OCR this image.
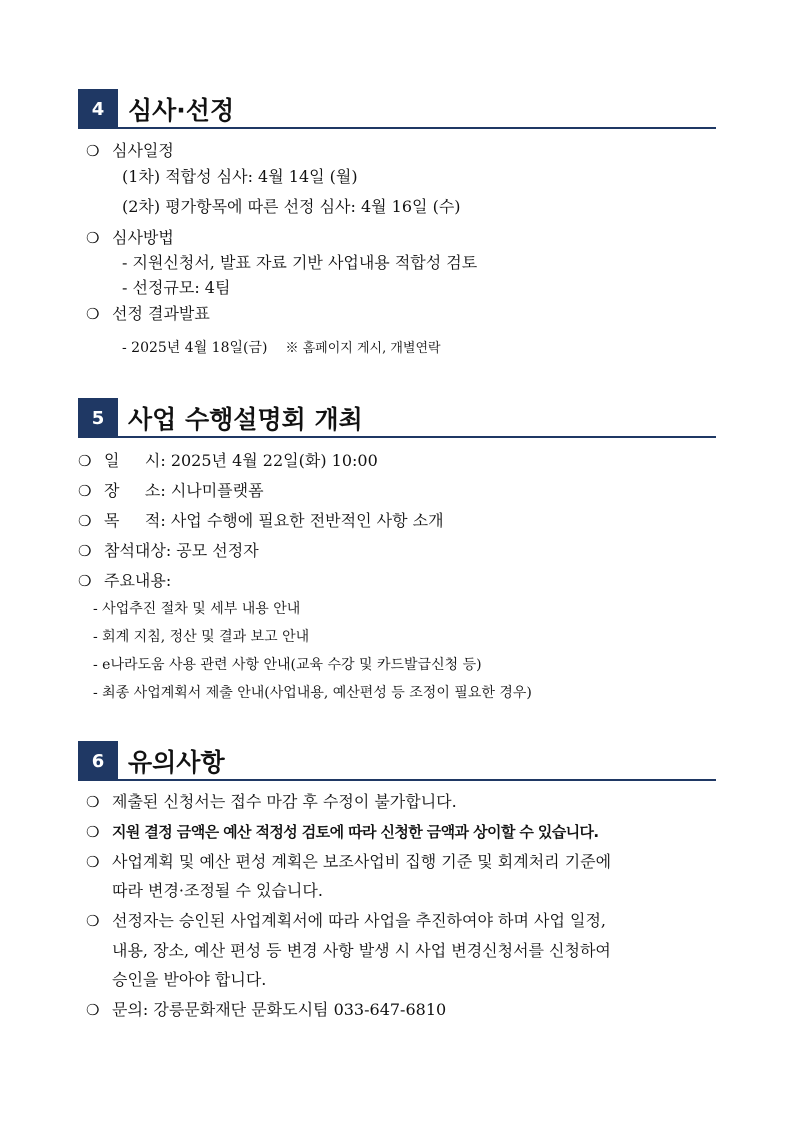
4 심사·선정
❍ 심사일정
(1차) 적합성 심사: 4월 14일 (월)
(2차) 평가항목에 따른 선정 심사: 4월 16일 (수)
❍ 심사방법
- 지원신청서, 발표 자료 기반 사업내용 적합성 검토
- 선정규모: 4팀
❍ 선정 결과발표
- 2025년 4월 18일(금) ※ 홈페이지 게시, 개별연락
5 사업 수행설명회 개최
❍ 일     시: 2025년 4월 22일(화) 10:00
❍ 장     소: 시나미플랫폼
❍ 목     적: 사업 수행에 필요한 전반적인 사항 소개
❍ 참석대상: 공모 선정자
❍ 주요내용:
- 사업추진 절차 및 세부 내용 안내
- 회계 지침, 정산 및 결과 보고 안내
- e나라도움 사용 관련 사항 안내(교육 수강 및 카드발급신청 등)
- 최종 사업계획서 제출 안내(사업내용, 예산편성 등 조정이 필요한 경우)
6 유의사항
❍ 제출된 신청서는 접수 마감 후 수정이 불가합니다.
❍ 지원 결정 금액은 예산 적정성 검토에 따라 신청한 금액과 상이할 수 있습니다.
❍ 사업계획 및 예산 편성 계획은 보조사업비 집행 기준 및 회계처리 기준에
따라 변경·조정될 수 있습니다.
❍ 선정자는 승인된 사업계획서에 따라 사업을 추진하여야 하며 사업 일정,
내용, 장소, 예산 편성 등 변경 사항 발생 시 사업 변경신청서를 신청하여
승인을 받아야 합니다.
❍ 문의: 강릉문화재단 문화도시팀 033-647-6810
